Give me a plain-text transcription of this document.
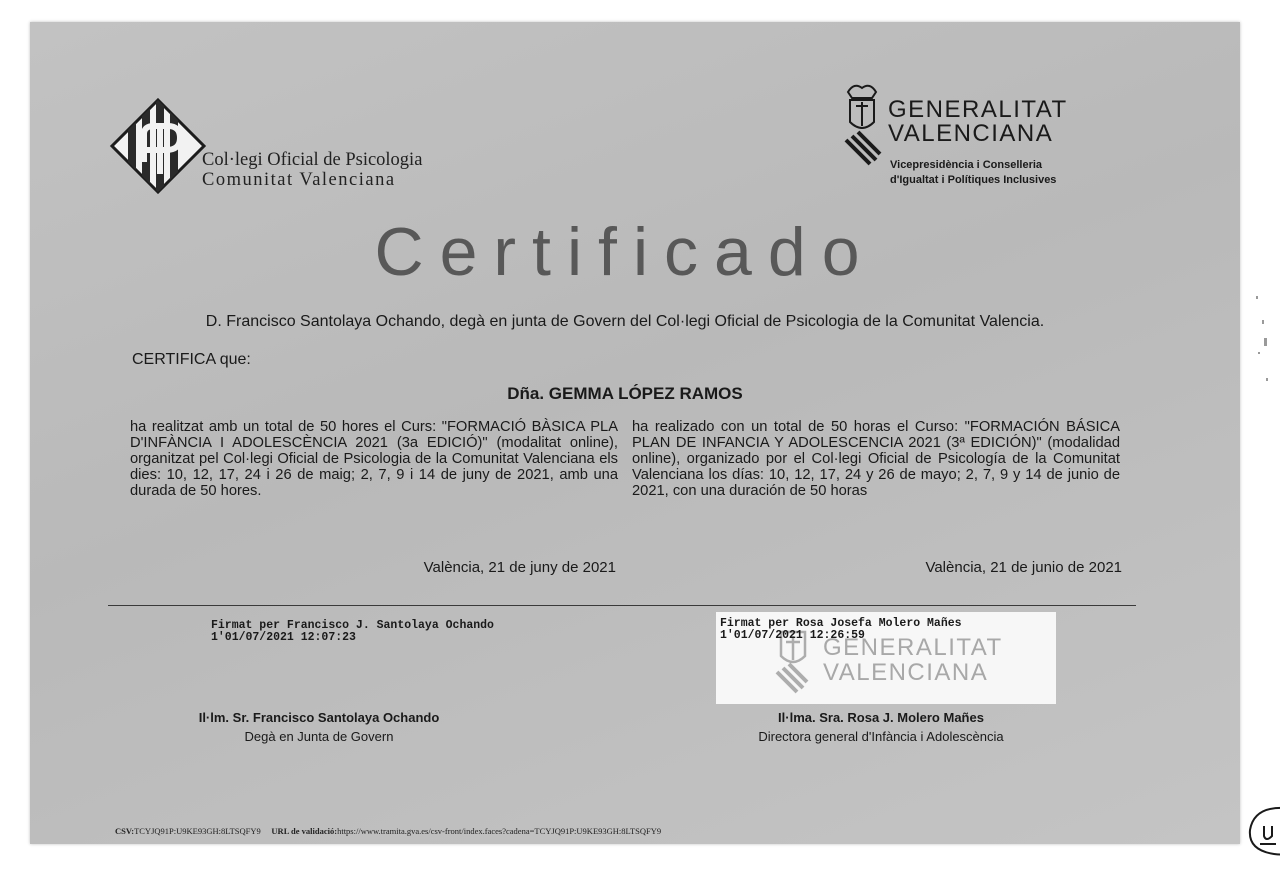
Col·legi Oficial de Psicologia
Comunitat Valenciana
GENERALITAT
VALENCIANA
Vicepresidència i Conselleria
d'Igualtat i Polítiques Inclusives
Certificado
D. Francisco Santolaya Ochando, degà en junta de Govern del Col·legi Oficial de Psicologia de la Comunitat Valencia.
CERTIFICA que:
Dña. GEMMA LÓPEZ RAMOS
ha realitzat amb un total de 50 hores el Curs: "FORMACIÓ BÀSICA PLA D'INFÀNCIA I ADOLESCÈNCIA 2021 (3a EDICIÓ)" (modalitat online), organitzat pel Col·legi Oficial de Psicologia de la Comunitat Valenciana els dies: 10, 12, 17, 24 i 26 de maig; 2, 7, 9 i 14 de juny de 2021, amb una durada de 50 hores.
ha realizado con un total de 50 horas el Curso: "FORMACIÓN BÁSICA PLAN DE INFANCIA Y ADOLESCENCIA 2021 (3ª EDICIÓN)" (modalidad online), organizado por el Col·legi Oficial de Psicología de la Comunitat Valenciana los días: 10, 12, 17, 24 y 26 de mayo; 2, 7, 9 y 14 de junio de 2021, con una duración de 50 horas
València, 21 de juny de 2021	València, 21 de junio de 2021
Firmat per Francisco J. Santolaya Ochando
1'01/07/2021 12:07:23	GENERALITAT
VALENCIANA
Firmat per Rosa Josefa Molero Mañes
1'01/07/2021 12:26:59
Il·lm. Sr. Francisco Santolaya Ochando
Degà en Junta de Govern
Il·lma. Sra. Rosa J. Molero Mañes
Directora general d'Infància i Adolescència
CSV:TCYJQ91P:U9KE93GH:8LTSQFY9 URL de validació:https://www.tramita.gva.es/csv-front/index.faces?cadena=TCYJQ91P:U9KE93GH:8LTSQFY9
